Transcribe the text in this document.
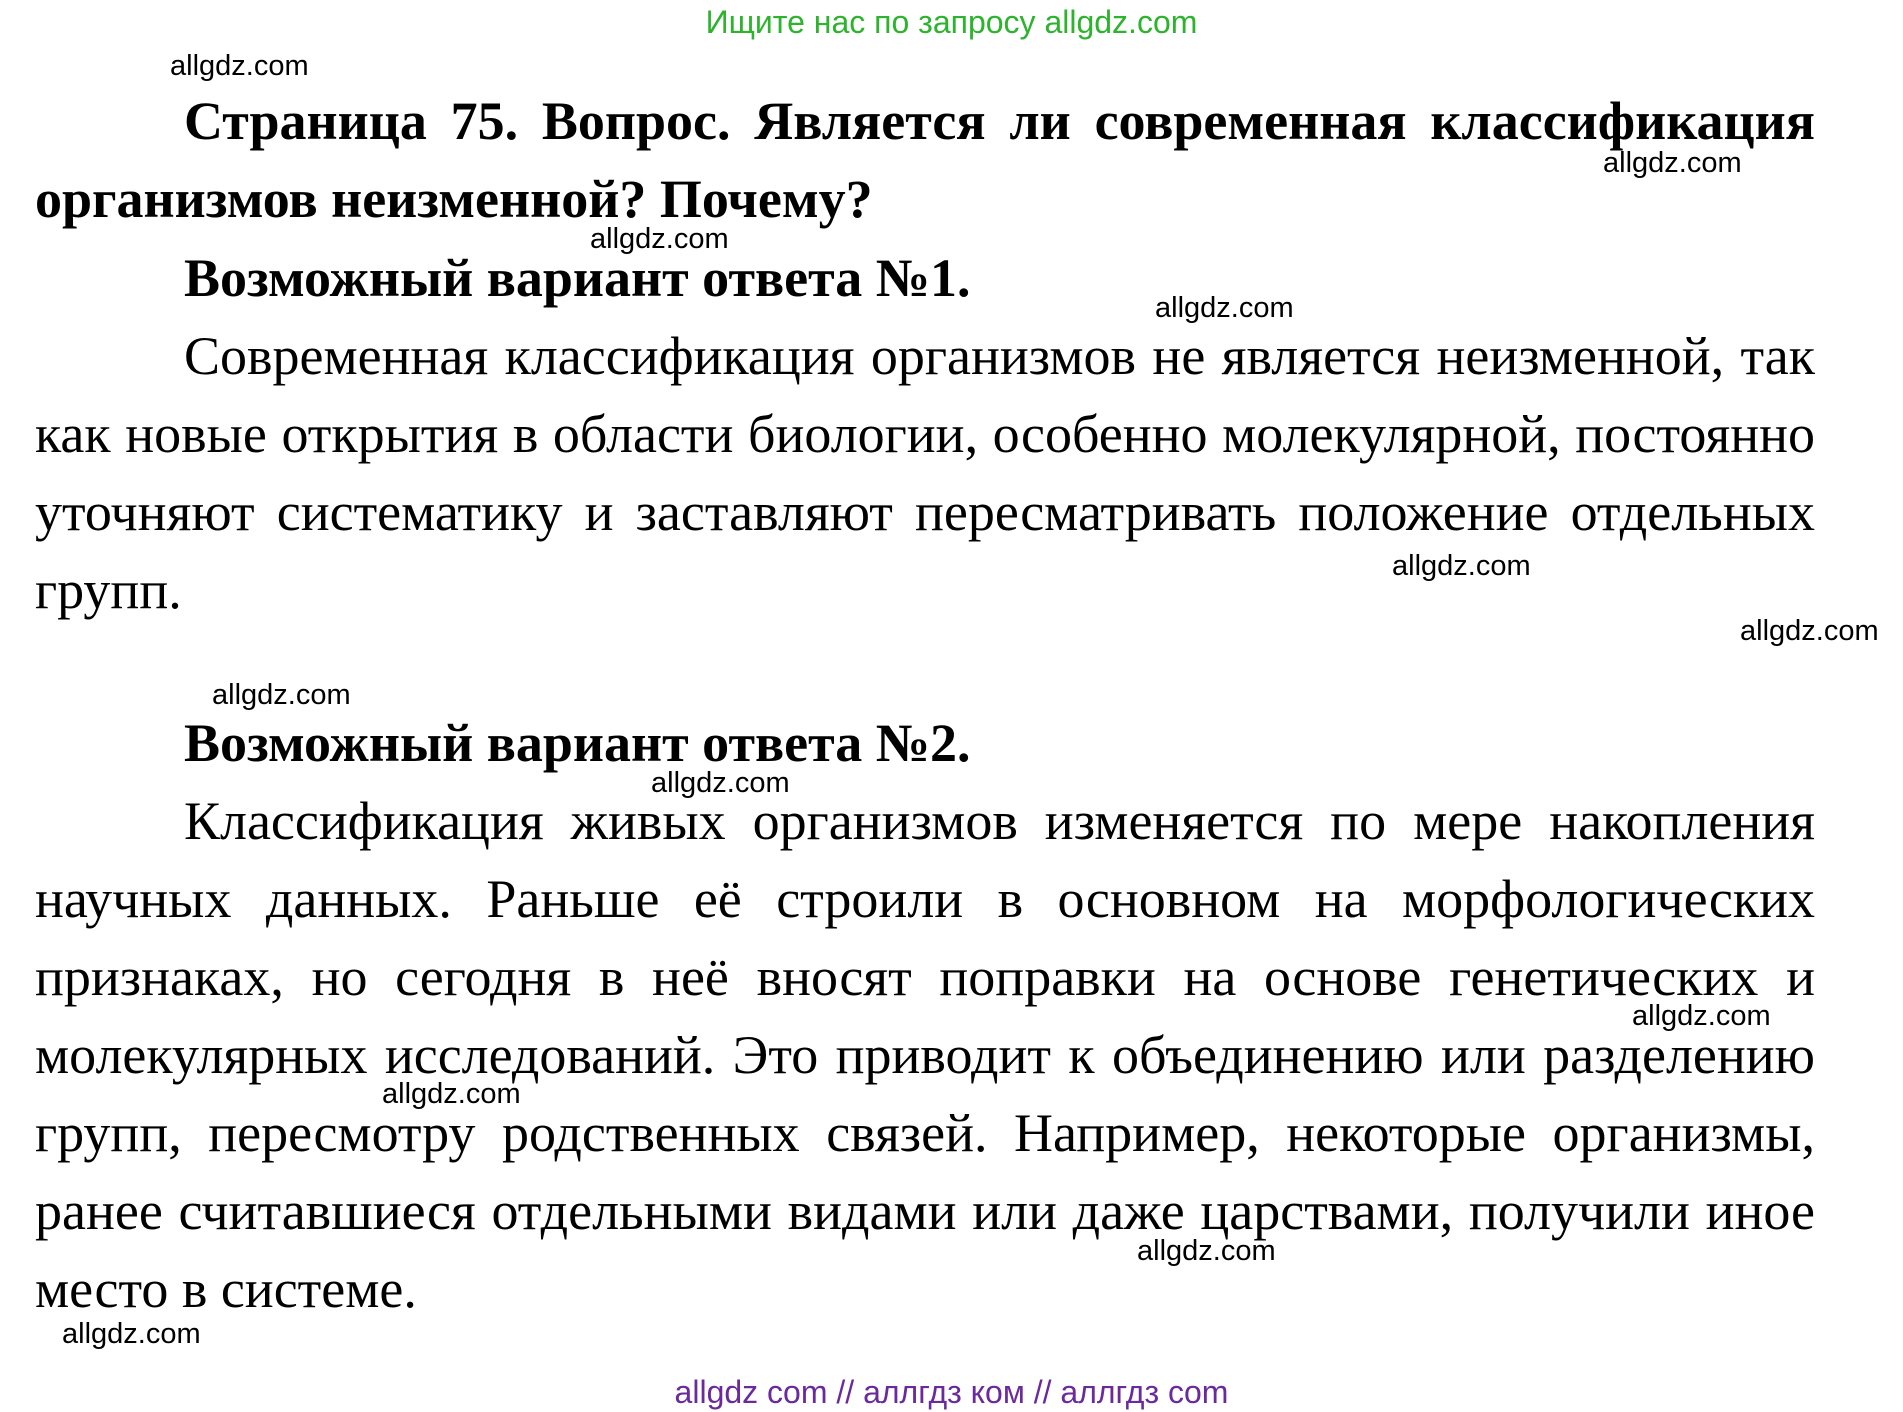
Ищите нас по запросу allgdz.com

Страница 75. Вопрос. Является ли современная классификация организмов неизменной? Почему?

Возможный вариант ответа №1.

Современная классификация организмов не является неизменной, так как новые открытия в области биологии, особенно молекулярной, постоянно уточняют систематику и заставляют пересматривать положение отдельных групп.

Возможный вариант ответа №2.

Классификация живых организмов изменяется по мере накопления научных данных. Раньше её строили в основном на морфологических признаках, но сегодня в неё вносят поправки на основе генетических и молекулярных исследований. Это приводит к объединению или разделению групп, пересмотру родственных связей. Например, некоторые организмы, ранее считавшиеся отдельными видами или даже царствами, получили иное место в системе.

allgdz.com
allgdz.com
allgdz.com
allgdz.com
allgdz.com
allgdz.com
allgdz.com
allgdz.com
allgdz.com
allgdz.com
allgdz.com
allgdz.com
allgdz com // аллгдз ком // аллгдз com
